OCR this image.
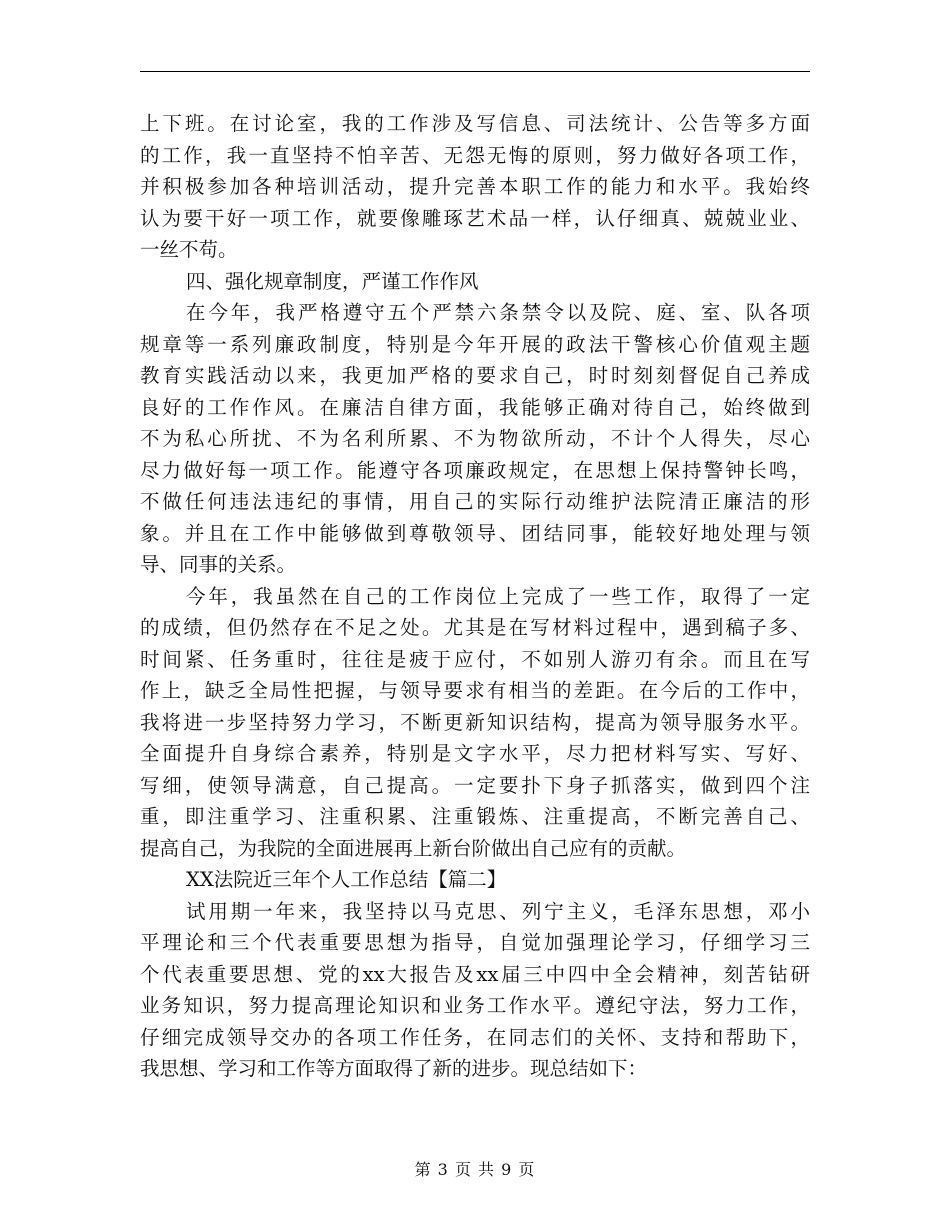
上下班。在讨论室，我的工作涉及写信息、司法统计、公告等多方面
的工作，我一直坚持不怕辛苦、无怨无悔的原则，努力做好各项工作，
并积极参加各种培训活动，提升完善本职工作的能力和水平。我始终
认为要干好一项工作，就要像雕琢艺术品一样，认仔细真、兢兢业业、
一丝不苟。
四、强化规章制度，严谨工作作风
在今年，我严格遵守五个严禁六条禁令以及院、庭、室、队各项
规章等一系列廉政制度，特别是今年开展的政法干警核心价值观主题
教育实践活动以来，我更加严格的要求自己，时时刻刻督促自己养成
良好的工作作风。在廉洁自律方面，我能够正确对待自己，始终做到
不为私心所扰、不为名利所累、不为物欲所动，不计个人得失，尽心
尽力做好每一项工作。能遵守各项廉政规定，在思想上保持警钟长鸣，
不做任何违法违纪的事情，用自己的实际行动维护法院清正廉洁的形
象。并且在工作中能够做到尊敬领导、团结同事，能较好地处理与领
导、同事的关系。
今年，我虽然在自己的工作岗位上完成了一些工作，取得了一定
的成绩，但仍然存在不足之处。尤其是在写材料过程中，遇到稿子多、
时间紧、任务重时，往往是疲于应付，不如别人游刃有余。而且在写
作上，缺乏全局性把握，与领导要求有相当的差距。在今后的工作中，
我将进一步坚持努力学习，不断更新知识结构，提高为领导服务水平。
全面提升自身综合素养，特别是文字水平，尽力把材料写实、写好、
写细，使领导满意，自己提高。一定要扑下身子抓落实，做到四个注
重，即注重学习、注重积累、注重锻炼、注重提高，不断完善自己、
提高自己，为我院的全面进展再上新台阶做出自己应有的贡献。
XX法院近三年个人工作总结【篇二】
试用期一年来，我坚持以马克思、列宁主义，毛泽东思想，邓小
平理论和三个代表重要思想为指导，自觉加强理论学习，仔细学习三
个代表重要思想、党的xx大报告及xx届三中四中全会精神，刻苦钻研
业务知识，努力提高理论知识和业务工作水平。遵纪守法，努力工作，
仔细完成领导交办的各项工作任务，在同志们的关怀、支持和帮助下，
我思想、学习和工作等方面取得了新的进步。现总结如下：
第 3 页 共 9 页
